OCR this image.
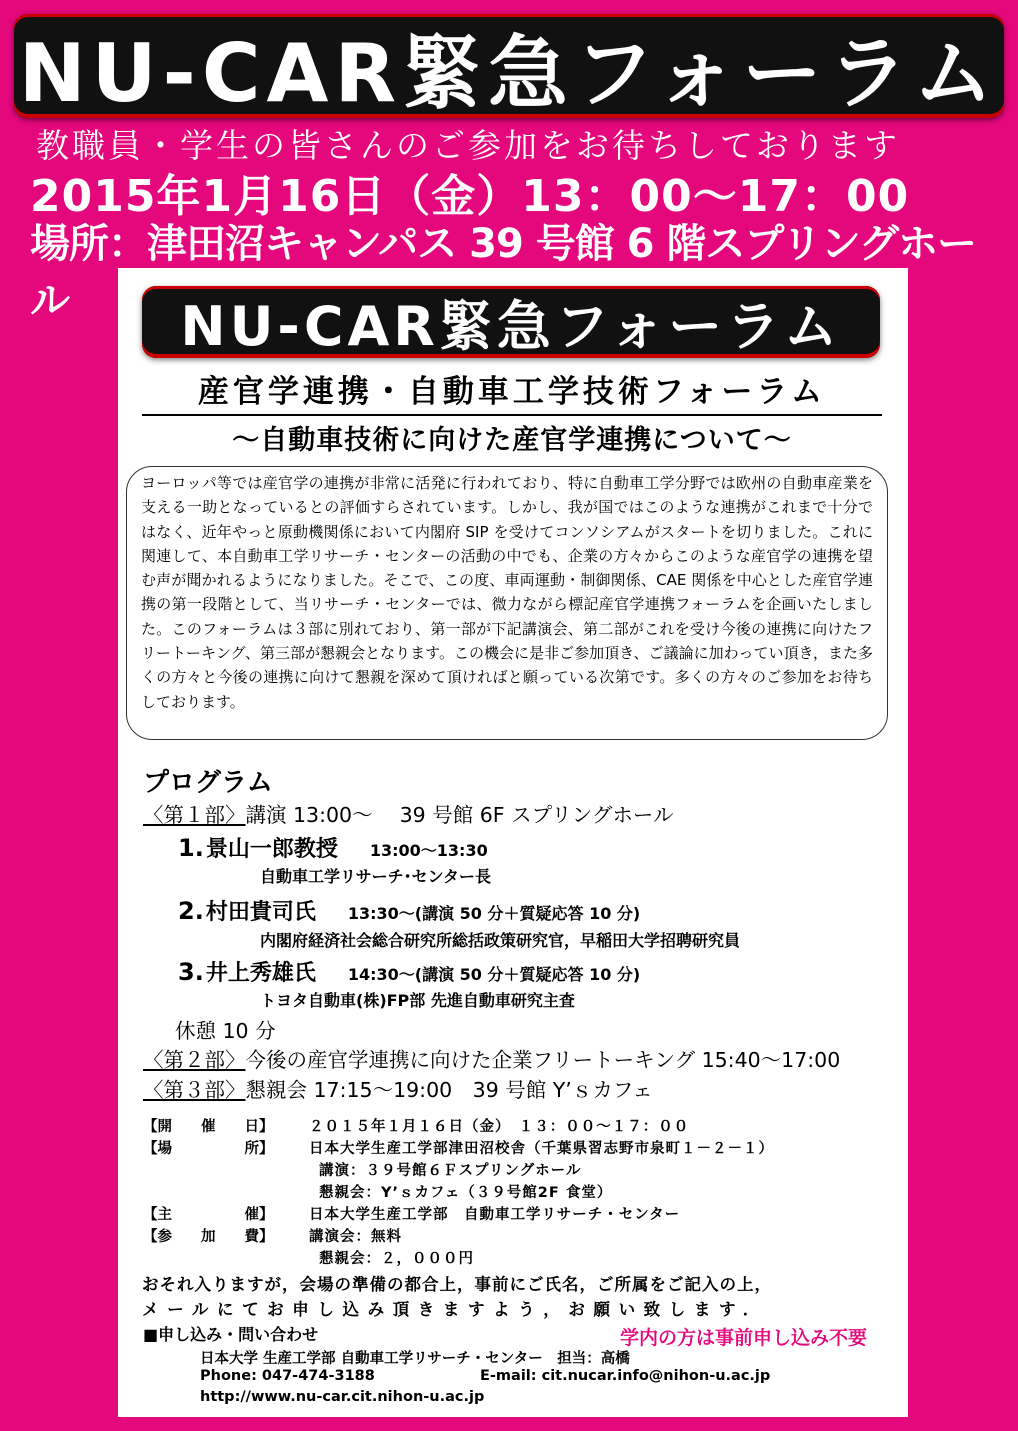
NU-CAR緊急フォーラム
教職員・学生の皆さんのご参加をお待ちしております
2015年1月16日（金）13：00～17：00
場所：津田沼キャンパス 39 号館 6 階スプリングホール	NU-CAR緊急フォーラム
産官学連携・自動車工学技術フォーラム
～自動車技術に向けた産官学連携について～
ヨーロッパ等では産官学の連携が非常に活発に行われており、特に自動車工学分野では欧州の自動車産業を支える一助となっているとの評価すらされています。しかし、我が国ではこのような連携がこれまで十分ではなく、近年やっと原動機関係において内閣府 SIP を受けてコンソシアムがスタートを切りました。これに関連して、本自動車工学リサーチ・センターの活動の中でも、企業の方々からこのような産官学の連携を望む声が聞かれるようになりました。そこで、この度、車両運動・制御関係、CAE 関係を中心とした産官学連携の第一段階として、当リサーチ・センターでは、微力ながら標記産官学連携フォーラムを企画いたしました。このフォーラムは３部に別れており、第一部が下記講演会、第二部がこれを受け今後の連携に向けたフリートーキング、第三部が懇親会となります。この機会に是非ご参加頂き、ご議論に加わってい頂き，また多くの方々と今後の連携に向けて懇親を深めて頂ければと願っている次第です。多くの方々のご参加をお待ちしております。
プログラム
〈第１部〉講演 13:00～　 39 号館 6F スプリングホール
1.景山一郎教授 13:00～13:30
自動車工学リサーチ･センター長
2.村田貴司氏 13:30～(講演 50 分＋質疑応答 10 分)
内閣府経済社会総合研究所総括政策研究官，早稲田大学招聘研究員
3.井上秀雄氏 14:30～(講演 50 分＋質疑応答 10 分)
トヨタ自動車(株)FP部 先進自動車研究主査
休憩 10 分
〈第２部〉今後の産官学連携に向けた企業フリートーキング 15:40～17:00
〈第３部〉懇親会 17:15～19:00　39 号館 Y’ｓカフェ
【開　　催　　日】 ２０１５年１月１６日（金）　１３：００～１７：００
【場　　　　　所】 日本大学生産工学部津田沼校舎（千葉県習志野市泉町１－２－１）
講演：３９号館６Ｆスプリングホール
懇親会：Y’ｓカフェ（３９号館2F 食堂）
【主　　　　　催】 日本大学生産工学部　自動車工学リサーチ・センター
【参　　加　　費】 講演会：無料
懇親会：２，０００円
おそれ入りますが，会場の準備の都合上，事前にご氏名，ご所属をご記入の上，
メールにてお申し込み頂きますよう，お願い致します．
■申し込み・問い合わせ	学内の方は事前申し込み不要
日本大学 生産工学部 自動車工学リサーチ・センター　担当：高橋
Phone: 047-474-3188	E-mail: cit.nucar.info@nihon-u.ac.jp
http://www.nu-car.cit.nihon-u.ac.jp
